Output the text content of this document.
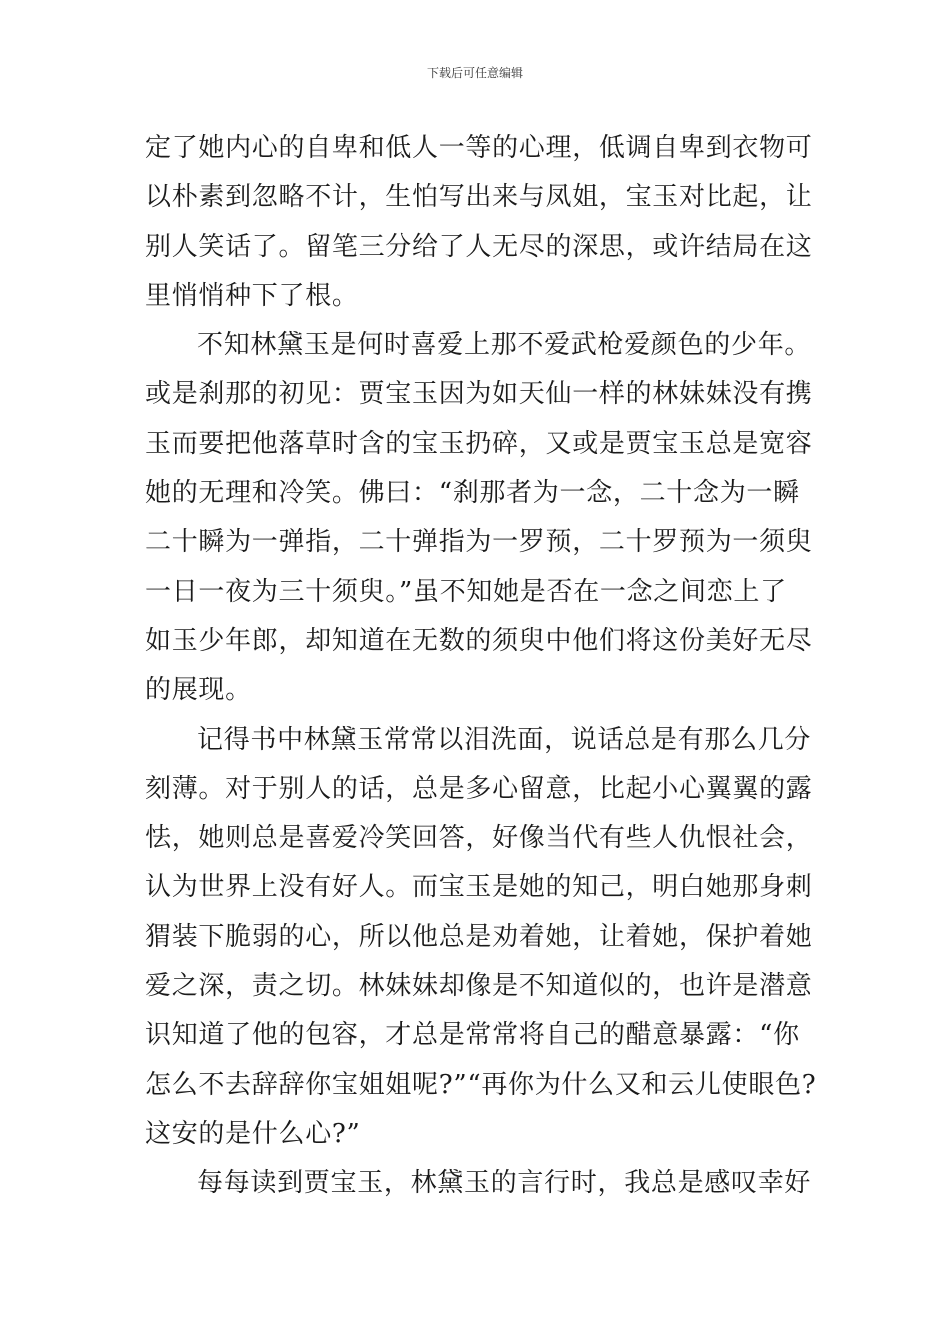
下载后可任意编辑
定了她内心的自卑和低人一等的心理，低调自卑到衣物可
以朴素到忽略不计，生怕写出来与凤姐，宝玉对比起，让
别人笑话了。留笔三分给了人无尽的深思，或许结局在这
里悄悄种下了根。
不知林黛玉是何时喜爱上那不爱武枪爱颜色的少年。
或是刹那的初见：贾宝玉因为如天仙一样的林妹妹没有携
玉而要把他落草时含的宝玉扔碎，又或是贾宝玉总是宽容
她的无理和冷笑。佛曰：“刹那者为一念，二十念为一瞬
二十瞬为一弹指，二十弹指为一罗预，二十罗预为一须臾
一日一夜为三十须臾。”虽不知她是否在一念之间恋上了
如玉少年郎，却知道在无数的须臾中他们将这份美好无尽
的展现。
记得书中林黛玉常常以泪洗面，说话总是有那么几分
刻薄。对于别人的话，总是多心留意，比起小心翼翼的露
怯，她则总是喜爱冷笑回答，好像当代有些人仇恨社会，
认为世界上没有好人。而宝玉是她的知己，明白她那身刺
猬装下脆弱的心，所以他总是劝着她，让着她，保护着她
爱之深，责之切。林妹妹却像是不知道似的，也许是潜意
识知道了他的包容，才总是常常将自己的醋意暴露：“你
怎么不去辞辞你宝姐姐呢?”“再你为什么又和云儿使眼色?
这安的是什么心?”
每每读到贾宝玉，林黛玉的言行时，我总是感叹幸好
